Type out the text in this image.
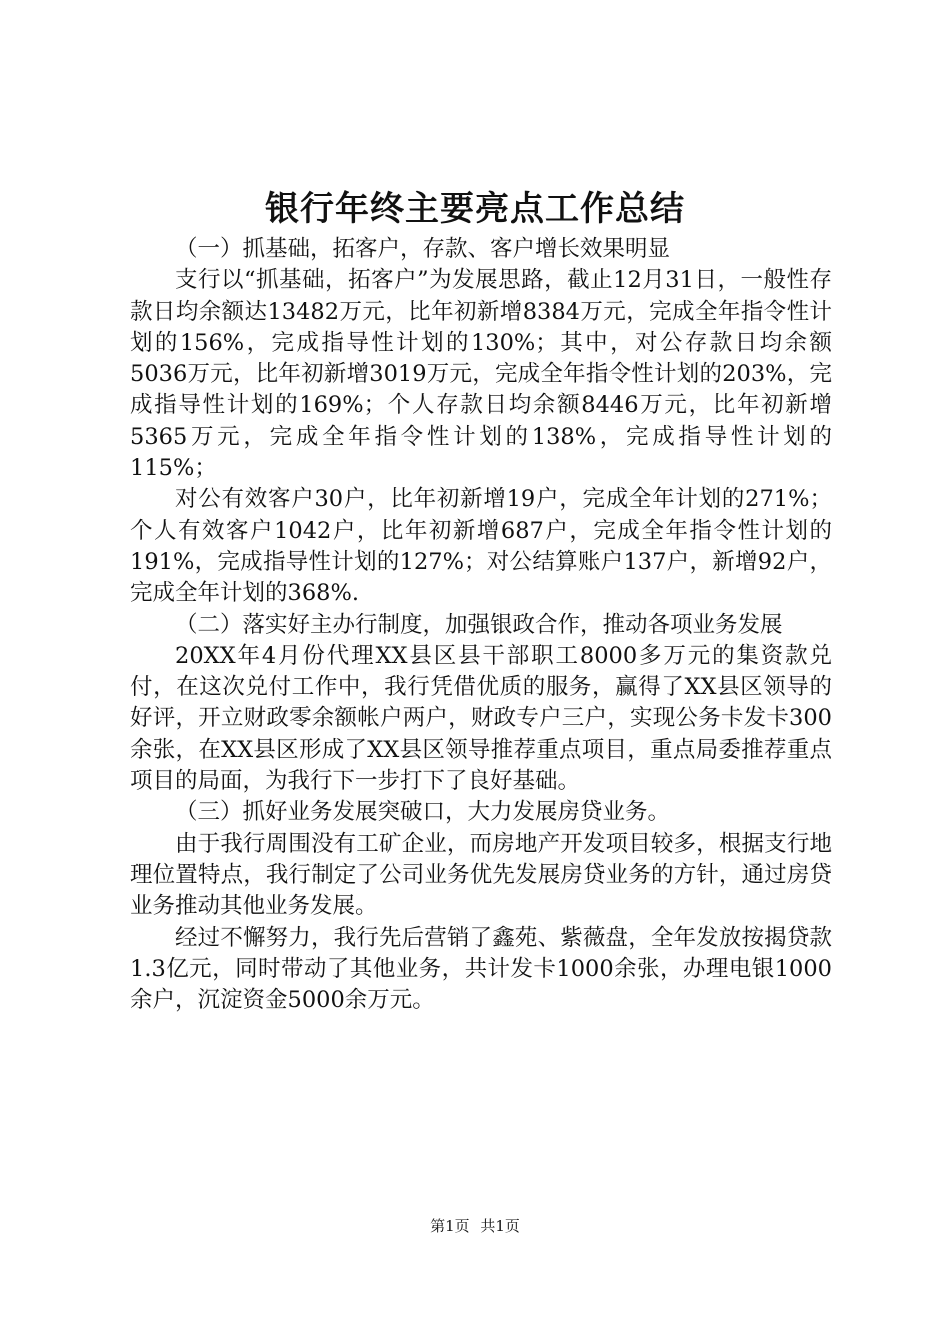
银行年终主要亮点工作总结

（一）抓基础，拓客户，存款、客户增长效果明显

支行以“抓基础，拓客户”为发展思路，截止12月31日，一般性存款日均余额达13482万元，比年初新增8384万元，完成全年指令性计划的156%，完成指导性计划的130%；其中，对公存款日均余额5036万元，比年初新增3019万元，完成全年指令性计划的203%，完成指导性计划的169%；个人存款日均余额8446万元，比年初新增5365万元，完成全年指令性计划的138%，完成指导性计划的115%；

对公有效客户30户，比年初新增19户，完成全年计划的271%；个人有效客户1042户，比年初新增687户，完成全年指令性计划的191%，完成指导性计划的127%；对公结算账户137户，新增92户，完成全年计划的368%.

（二）落实好主办行制度，加强银政合作，推动各项业务发展

20XX年4月份代理XX县区县干部职工8000多万元的集资款兑付，在这次兑付工作中，我行凭借优质的服务，赢得了XX县区领导的好评，开立财政零余额帐户两户，财政专户三户，实现公务卡发卡300余张，在XX县区形成了XX县区领导推荐重点项目，重点局委推荐重点项目的局面，为我行下一步打下了良好基础。

（三）抓好业务发展突破口，大力发展房贷业务。

由于我行周围没有工矿企业，而房地产开发项目较多，根据支行地理位置特点，我行制定了公司业务优先发展房贷业务的方针，通过房贷业务推动其他业务发展。

经过不懈努力，我行先后营销了鑫苑、紫薇盘，全年发放按揭贷款1.3亿元，同时带动了其他业务，共计发卡1000余张，办理电银1000余户，沉淀资金5000余万元。

第1页 共1页
